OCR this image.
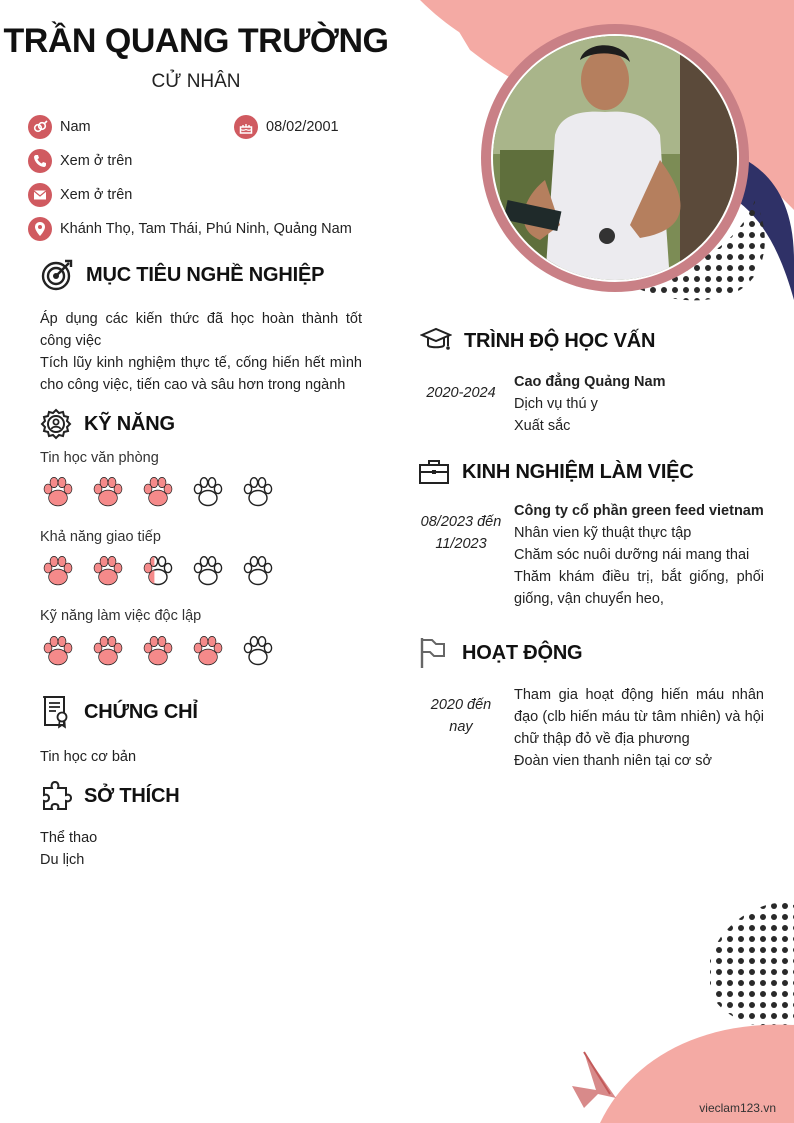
TRẦN QUANG TRƯỜNG
CỬ NHÂN
Nam	08/02/2001
Xem ở trên
Xem ở trên
Khánh Thọ, Tam Thái, Phú Ninh, Quảng Nam
MỤC TIÊU NGHỀ NGHIỆP
Áp dụng các kiến thức đã học hoàn thành tốt công việc
Tích lũy kinh nghiệm thực tế, cống hiến hết mình cho công việc, tiến cao và sâu hơn trong ngành
KỸ NĂNG
Tin học văn phòng
Khả năng giao tiếp
Kỹ năng làm việc độc lập
CHỨNG CHỈ
Tin học cơ bản
SỞ THÍCH
Thể thao
Du lịch
TRÌNH ĐỘ HỌC VẤN
2020-2024
Cao đẳng Quảng Nam
Dịch vụ thú y
Xuất sắc
KINH NGHIỆM LÀM VIỆC
08/2023 đến
11/2023
Công ty cổ phần green feed vietnam
Nhân vien kỹ thuật thực tập
Chăm sóc nuôi dưỡng nái mang thai
Thăm khám điều trị, bắt giống, phối giống, vận chuyển heo,
HOẠT ĐỘNG
2020 đến
nay
Tham gia hoạt động hiến máu nhân đạo (clb hiến máu từ tâm nhiên) và hội chữ thập đỏ về địa phương
Đoàn vien thanh niên tại cơ sở
vieclam123.vn
